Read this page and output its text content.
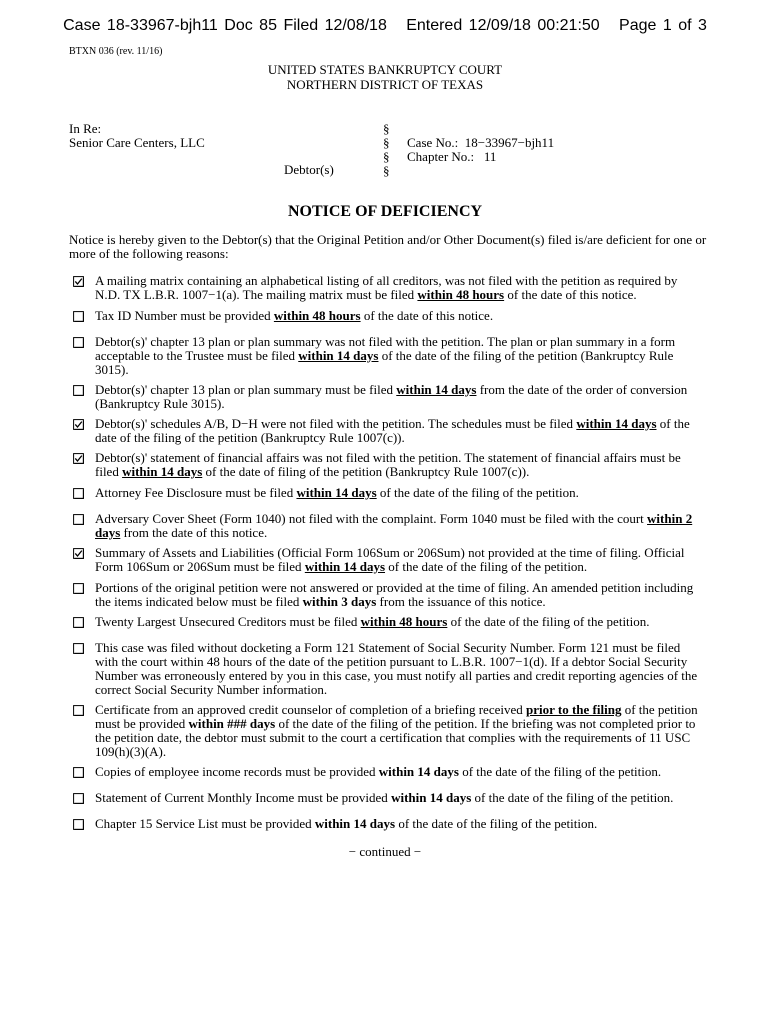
Case 18-33967-bjh11 Doc 85 Filed 12/08/18 Entered 12/09/18 00:21:50 Page 1 of 3
BTXN 036 (rev. 11/16)
UNITED STATES BANKRUPTCY COURT
NORTHERN DISTRICT OF TEXAS
In Re:
Senior Care Centers, LLC
Debtor(s)
§
§
§
§
Case No.: 18−33967−bjh11
Chapter No.: 11
NOTICE OF DEFICIENCY
Notice is hereby given to the Debtor(s) that the Original Petition and/or Other Document(s) filed is/are deficient for one or more of the following reasons:
A mailing matrix containing an alphabetical listing of all creditors, was not filed with the petition as required by N.D. TX L.B.R. 1007−1(a). The mailing matrix must be filed within 48 hours of the date of this notice.
Tax ID Number must be provided within 48 hours of the date of this notice.
Debtor(s)' chapter 13 plan or plan summary was not filed with the petition. The plan or plan summary in a form acceptable to the Trustee must be filed within 14 days of the date of the filing of the petition (Bankruptcy Rule 3015).
Debtor(s)' chapter 13 plan or plan summary must be filed within 14 days from the date of the order of conversion (Bankruptcy Rule 3015).
Debtor(s)' schedules A/B, D−H were not filed with the petition. The schedules must be filed within 14 days of the date of the filing of the petition (Bankruptcy Rule 1007(c)).
Debtor(s)' statement of financial affairs was not filed with the petition. The statement of financial affairs must be filed within 14 days of the date of filing of the petition (Bankruptcy Rule 1007(c)).
Attorney Fee Disclosure must be filed within 14 days of the date of the filing of the petition.
Adversary Cover Sheet (Form 1040) not filed with the complaint. Form 1040 must be filed with the court within 2 days from the date of this notice.
Summary of Assets and Liabilities (Official Form 106Sum or 206Sum) not provided at the time of filing. Official Form 106Sum or 206Sum must be filed within 14 days of the date of the filing of the petition.
Portions of the original petition were not answered or provided at the time of filing. An amended petition including the items indicated below must be filed within 3 days from the issuance of this notice.
Twenty Largest Unsecured Creditors must be filed within 48 hours of the date of the filing of the petition.
This case was filed without docketing a Form 121 Statement of Social Security Number. Form 121 must be filed with the court within 48 hours of the date of the petition pursuant to L.B.R. 1007−1(d). If a debtor Social Security Number was erroneously entered by you in this case, you must notify all parties and credit reporting agencies of the correct Social Security Number information.
Certificate from an approved credit counselor of completion of a briefing received prior to the filing of the petition must be provided within ### days of the date of the filing of the petition. If the briefing was not completed prior to the petition date, the debtor must submit to the court a certification that complies with the requirements of 11 USC 109(h)(3)(A).
Copies of employee income records must be provided within 14 days of the date of the filing of the petition.
Statement of Current Monthly Income must be provided within 14 days of the date of the filing of the petition.
Chapter 15 Service List must be provided within 14 days of the date of the filing of the petition.
− continued −
